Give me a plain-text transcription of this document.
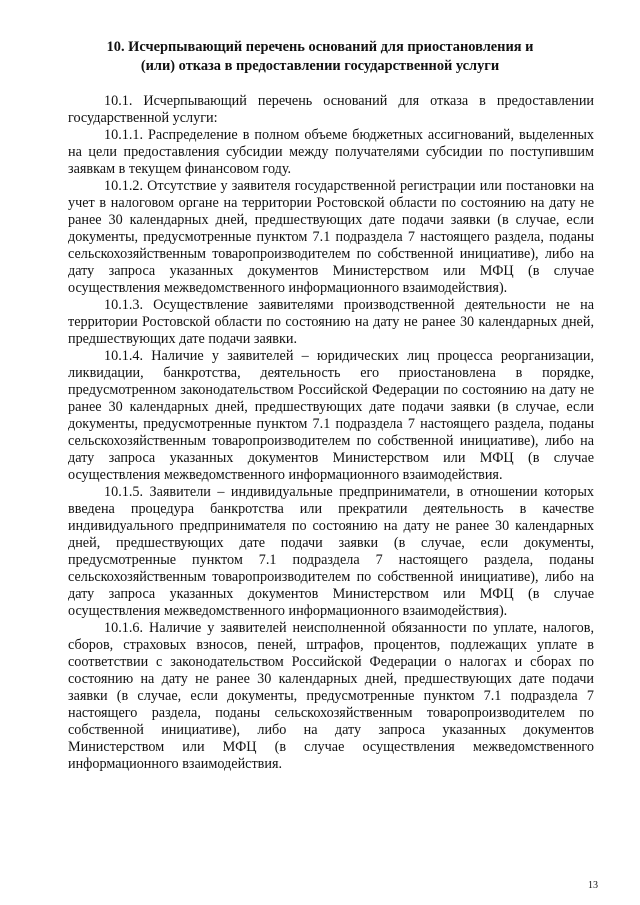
10. Исчерпывающий перечень оснований для приостановления и (или) отказа в предоставлении государственной услуги

10.1. Исчерпывающий перечень оснований для отказа в предоставлении государственной услуги:

10.1.1. Распределение в полном объеме бюджетных ассигнований, выделенных на цели предоставления субсидии между получателями субсидии по поступившим заявкам в текущем финансовом году.

10.1.2. Отсутствие у заявителя государственной регистрации или постановки на учет в налоговом органе на территории Ростовской области по состоянию на дату не ранее 30 календарных дней, предшествующих дате подачи заявки (в случае, если документы, предусмотренные пунктом 7.1 подраздела 7 настоящего раздела, поданы сельскохозяйственным товаропроизводителем по собственной инициативе), либо на дату запроса указанных документов Министерством или МФЦ (в случае осуществления межведомственного информационного взаимодействия).

10.1.3. Осуществление заявителями производственной деятельности не на территории Ростовской области по состоянию на дату не ранее 30 календарных дней, предшествующих дате подачи заявки.

10.1.4. Наличие у заявителей – юридических лиц процесса реорганизации, ликвидации, банкротства, деятельность его приостановлена в порядке, предусмотренном законодательством Российской Федерации по состоянию на дату не ранее 30 календарных дней, предшествующих дате подачи заявки (в случае, если документы, предусмотренные пунктом 7.1 подраздела 7 настоящего раздела, поданы сельскохозяйственным товаропроизводителем по собственной инициативе), либо на дату запроса указанных документов Министерством или МФЦ (в случае осуществления межведомственного информационного взаимодействия.

10.1.5. Заявители – индивидуальные предприниматели, в отношении которых введена процедура банкротства или прекратили деятельность в качестве индивидуального предпринимателя по состоянию на дату не ранее 30 календарных дней, предшествующих дате подачи заявки (в случае, если документы, предусмотренные пунктом 7.1 подраздела 7 настоящего раздела, поданы сельскохозяйственным товаропроизводителем по собственной инициативе), либо на дату запроса указанных документов Министерством или МФЦ (в случае осуществления межведомственного информационного взаимодействия).

10.1.6. Наличие у заявителей неисполненной обязанности по уплате, налогов, сборов, страховых взносов, пеней, штрафов, процентов, подлежащих уплате в соответствии с законодательством Российской Федерации о налогах и сборах по состоянию на дату не ранее 30 календарных дней, предшествующих дате подачи заявки (в случае, если документы, предусмотренные пунктом 7.1 подраздела 7 настоящего раздела, поданы сельскохозяйственным товаропроизводителем по собственной инициативе), либо на дату запроса указанных документов Министерством или МФЦ (в случае осуществления межведомственного информационного взаимодействия.

13
